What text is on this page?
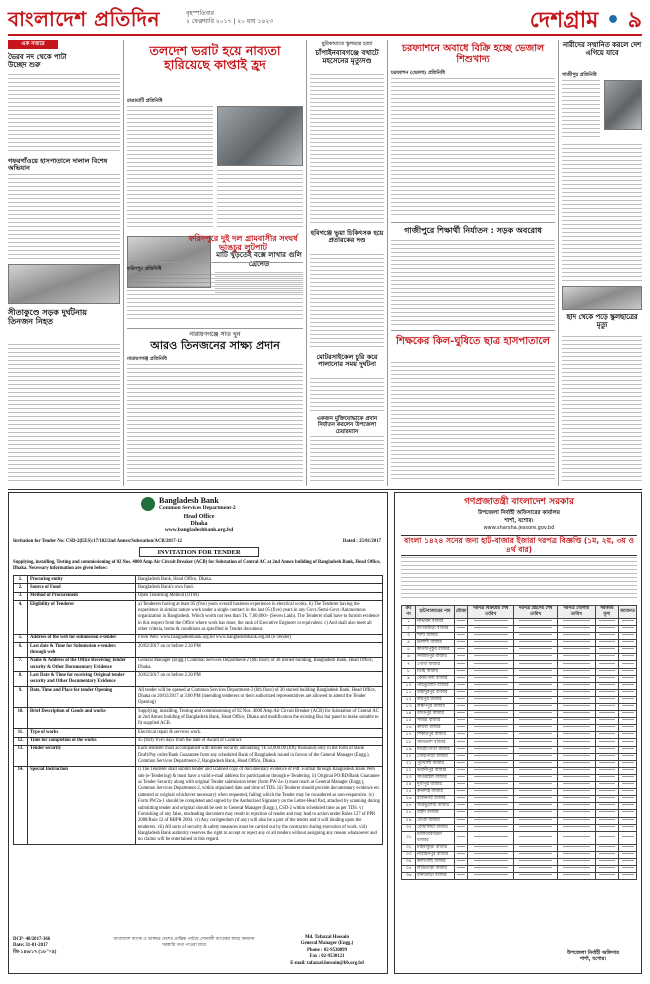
বাংলাদেশ প্রতিদিন	বৃহস্পতিবার
২ ফেব্রুয়ারি ২০১৭ | ২০ মাঘ ১৪২৩	দেশগ্রাম • ৯
এক নজরে
ভৈরব নদ থেকে পাটা উচ্ছেদ শুরু
গফরগাঁওয়ে হাসপাতালে দালাল বিশেষ অভিযান
সীতাকুণ্ডে সড়ক দুর্ঘটনায় তিনজন নিহত
তলদেশ ভরাট হয়ে নাব্যতা হারিয়েছে কাপ্তাই হ্রদ
রাঙামাটি প্রতিনিধি
মাটি খুঁড়তেই বক্সে লাখার গুলি গ্রেনেড
ফরিদপুরে দুই দল গ্রামবাসীর সংঘর্ষ ভাঙচুর লুটপাট
ফরিদপুর প্রতিনিধি
নারায়ণগঞ্জে সাত খুন
আরও তিনজনের সাক্ষ্য প্রদান
নারায়ণগঞ্জ প্রতিনিধি
ছুরিকাঘাতে স্কুলছাত্র হত্যা
চাঁপাইনবাবগঞ্জে বখাটে মহসেনের মৃত্যুদণ্ড
হবিগঞ্জে ভুয়া চিকিৎসক হয়ে প্রতারকের দণ্ড
মোটরসাইকেল চুরি করে পালানোর সময় দুর্ঘটনা
একজন মুক্তিযোদ্ধাকে প্রদান নির্যাতন করলেন উপজেলা চেয়ারম্যান
চরফ্যাশনে অবাধে বিক্রি হচ্ছে ভেজাল শিশুখাদ্য
চরফ্যাশন (ভোলা) প্রতিনিধি
গাজীপুরে শিক্ষার্থী নির্যাতন : সড়ক অবরোধ
শিক্ষকের কিল-ঘুষিতে ছাত্র হাসপাতালে
নারীদের সম্মানিত করলে দেশ এগিয়ে যাবে
গাজীপুর প্রতিনিধি
ছাদ থেকে পড়ে স্কুলছাত্রের মৃত্যু
Bangladesh Bank
Common Services Department-2
Head Office
Dhaka
www.bangladeshbank.org.bd
Invitation for Tender No: CSD-2(EES):17/102/2nd Annex/Substation/ACB/2017-12	Dated : 25/01/2017
INVITATION FOR TENDER
Supplying, installing, Testing and commissioning of 02 Nos. 4000 Amp Air Circuit Breaker (ACB) for Substation of Central AC at 2nd Annex building of Bangladesh Bank, Head Office, Dhaka. Necessary information are given below:
1.	Procuring entity	Bangladesh Bank, Head Office, Dhaka.
2.	Source of Fund	Bangladesh Bank's own fund.
3.	Method of Procurement	Open Tendering Method (OTM)
4.	Eligibility of Tenderer	a) Tenderers having at least 05 (five) years overall business experience in electrical works. b) The Tenderer having the experience in similar nature work under a single contract in the last 05 (five) years in any Govt./Semi-Govt./Autonomous organization in Bangladesh. Which worth not less than Tk. 7,00,000/- (Seven Lakh). The Tenderer shall have to furnish evidence in this respect from the Office where work has done, the rank of Executive Engineer or equivalent. c) And shall also meet all other criteria, terms & conditions as specified in Tender document.
5.	Address of the web for submission e-tender	From Web: www.bangladeshbank.org.bd www.bangladeshbank.org.bd (e-Tender)
6.	Last date & Time for Submission e-tenders through web	20/02/2017 on or before 2.30 PM
7.	Name & Address of the Office Receiving Tender security & Other Documentary Evidence	General Manager (Engg.) Common Services Department-2 (6th floor) of 30 storied building, Bangladesh Bank, Head Office, Dhaka.
8.	Last Date & Time for receiving Original tender security and Other Documentary Evidence	20/02/2017 on or before 2.30 PM
9.	Date, Time and Place for tender Opening	All tender will be opened at Common Services Department-2 (6th floor) of 30 storied building Bangladesh Bank, Head Office, Dhaka on 20/02/2017 at 3:00 PM (intending tenderers or their authorized representatives are allowed to attend the Tender Opening)
10.	Brief Description of Goods and works	Supplying, installing, Testing and commissioning of 02 Nos. 4000 Amp Air Circuit Breaker (ACB) for Substation of Central AC at 2nd Annex building of Bangladesh Bank, Head Office, Dhaka and modification the existing Bus bar panel to make suitable to fit supplied ACB.
11.	Type of works	Electrical repair & services work.
12.	Time for completion of the works	45 (forty five) days from the date of Award of Contract.
13.	Tender security	Each tenderer must accompanied with tender security amounting Tk 50,000.00 (fifty thousand) only in the form of Bank Draft/Pay order/Bank Guarantee from any scheduled Bank of Bangladesh issued in favour of the General Manager (Engg.), Common Services Department-2, Bangladesh Bank, Head Office, Dhaka.
14.	Special Instruction	i) The Tenderer shall submit tender and scanned copy of documentary evidence of Pdf. Format through Bangladesh Bank Web site (e-Tendering) & must have a valid e-mail address for participation through e-Tendering. ii) Original PO/BD/Bank Guarantee as Tender Security along with original Tender submission letter (form PW-2a-1) must reach at General Manager (Engg.), Common Services Department-2, within stipulated date and time of TDS. iii) Tenderer should provide documentary evidence etc (attested or original whichever necessary) when requested, failing which the Tender may be considered as non-responsive. iv) Form PW2a-1 should be completed and signed by the Authorized Signatory on the Letter-Head Pad, attached by scanning during submitting tender and original should be sent to General Manager (Engg.), CSD-2 within scheduled time as per TDS. v) Furnishing of any false, misleading document may result in rejection of tender and may lead to action under Rules 127 of PPR 2008/Rule 12 of BBPR 2004. vi) Any corrigendum (if any) will also be a part of the tender and it will binding upon the tenderers. vii) All sorts of security & safety measures must be carried out by the contractor during execution of work. viii) Bangladesh Bank authority reserves the right to accept or reject any or all tenders without assigning any reason whatsoever and no claims will be entertained in this regard.
DCP- 48/2017-366
Date: 31-01-2017
জি-১৪৬/১৭ (১৮"×৪)
বাংলাদেশ ব্যাংক ও ডাকঘর দেশের প্রান্তিক পর্যায়ে সোনালী ব্যাংকের কাছে অন্যান্য সরকারি তথ্য পাওয়া যাবে
Md. Tafazzal Hossain
General Manager (Engg.)
Phone : 02-9530099
Fax : 02-9530121
E-mail: tafazzal.hossain@bb.org.bd
গণপ্রজাতন্ত্রী বাংলাদেশ সরকার
উপজেলা নির্বাহী অফিসারের কার্যালয়
শার্শা, যশোর।
www.sharsha.jessore.gov.bd
বাংলা ১৪২৪ সনের জন্য হাট-বাজার ইজারা দরপত্র বিজ্ঞপ্তি (১ম, ২য়, ৩য় ও ৪র্থ বার)
ক্রঃ নং	হাট/বাজারের নাম	মৌজা	দরপত্র বিক্রয়ের শেষ তারিখ	দরপত্র গ্রহণের শেষ তারিখ	দরপত্র খোলার তারিখ	সরকারি মূল্য	জামানত
১	নাভারন বাজার						
২	বাগআঁচড়া বাজার						
৩	শার্শা বাজার						
৪	উলাশী বাজার						
৫	কাগজপুকুর বাজার						
৬	নিজামপুর বাজার						
৭	গোগা বাজার						
৮	ডিহি বাজার						
৯	বেনাপোল বাজার						
১০	পাঁচভুলোট বাজার						
১১	বাহাদুরপুর বাজার						
১২	রুদ্রপুর বাজার						
১৩	লক্ষণপুর বাজার						
১৪	বসতপুর বাজার						
১৫	সামটা বাজার						
১৬	কায়বা বাজার						
১৭	শিকারপুর বাজার						
১৮	জামতলা বাজার						
১৯	বারোপোতা বাজার						
২০	গোড়পাড়া বাজার						
২১	পুটখালী বাজার						
২২	ভবানীপুর বাজার						
২৩	সাতমাইল বাজার						
২৪	দুর্গাপুর বাজার						
২৫	কন্যাদহ বাজার						
২৬	রাজনগর বাজার						
২৭	অগ্রভুলোট বাজার						
২৮	বাইশ বাজার						
২৯	টেংরা বাজার						
৩০	বোয়ালিয়া বাজার						
৩১	চালিতাবাড়িয়া বাজার						
৩২	মহিষাকুড়া বাজার						
৩৩	নারায়নপুর বাজার						
৩৪	কলাগাছি বাজার						
৩৫	লাউতাড়া বাজার						
৩৬	ধান্যতাড়া বাজার						
উপজেলা নির্বাহী অফিসার
শার্শা, যশোর।
